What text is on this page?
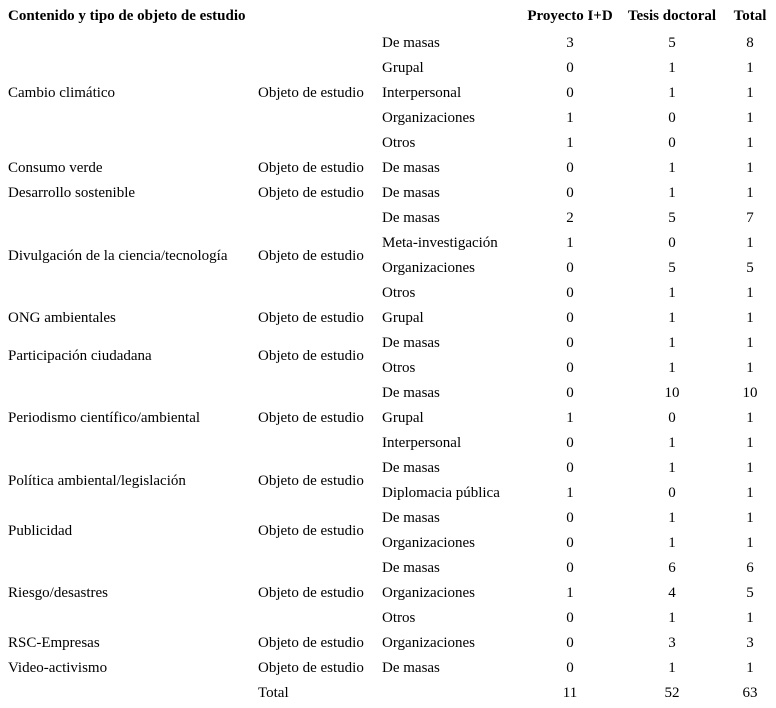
Contenido y tipo de objeto de estudio			Proyecto I+D	Tesis doctoral	Total
Cambio climático	Objeto de estudio	De masas	3	5	8
		Grupal	0	1	1
		Interpersonal	0	1	1
		Organizaciones	1	0	1
		Otros	1	0	1
Consumo verde	Objeto de estudio	De masas	0	1	1
Desarrollo sostenible	Objeto de estudio	De masas	0	1	1
Divulgación de la ciencia/tecnología	Objeto de estudio	De masas	2	5	7
		Meta-investigación	1	0	1
		Organizaciones	0	5	5
		Otros	0	1	1
ONG ambientales	Objeto de estudio	Grupal	0	1	1
Participación ciudadana	Objeto de estudio	De masas	0	1	1
		Otros	0	1	1
Periodismo científico/ambiental	Objeto de estudio	De masas	0	10	10
		Grupal	1	0	1
		Interpersonal	0	1	1
Política ambiental/legislación	Objeto de estudio	De masas	0	1	1
		Diplomacia pública	1	0	1
Publicidad	Objeto de estudio	De masas	0	1	1
		Organizaciones	0	1	1
Riesgo/desastres	Objeto de estudio	De masas	0	6	6
		Organizaciones	1	4	5
		Otros	0	1	1
RSC-Empresas	Objeto de estudio	Organizaciones	0	3	3
Video-activismo	Objeto de estudio	De masas	0	1	1
	Total		11	52	63
